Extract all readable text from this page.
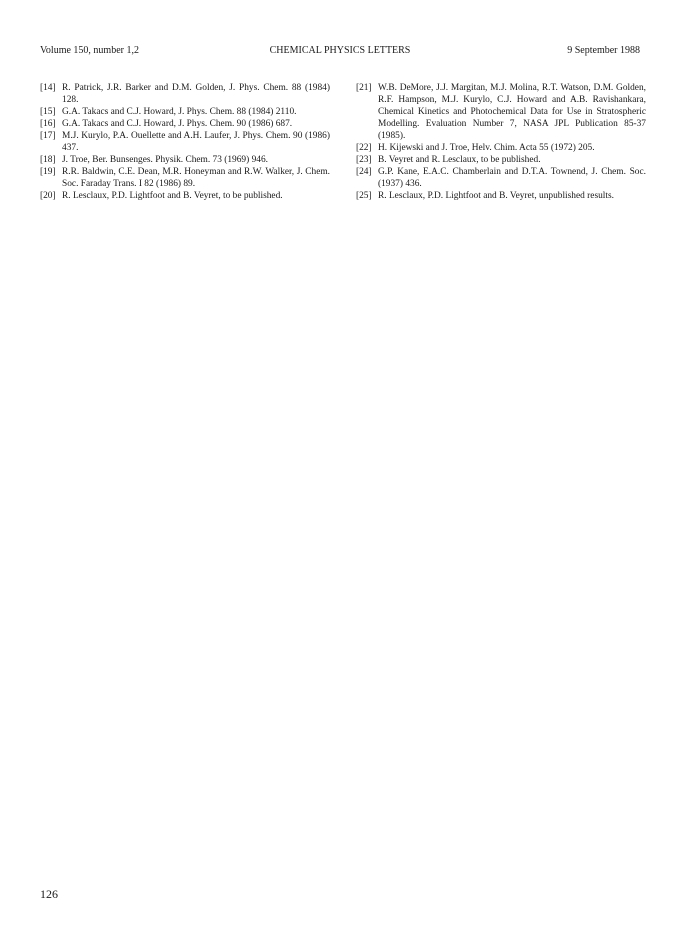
Volume 150, number 1,2	CHEMICAL PHYSICS LETTERS	9 September 1988

[14] R. Patrick, J.R. Barker and D.M. Golden, J. Phys. Chem. 88 (1984) 128.

[15] G.A. Takacs and C.J. Howard, J. Phys. Chem. 88 (1984) 2110.

[16] G.A. Takacs and C.J. Howard, J. Phys. Chem. 90 (1986) 687.

[17] M.J. Kurylo, P.A. Ouellette and A.H. Laufer, J. Phys. Chem. 90 (1986) 437.

[18] J. Troe, Ber. Bunsenges. Physik. Chem. 73 (1969) 946.

[19] R.R. Baldwin, C.E. Dean, M.R. Honeyman and R.W. Walker, J. Chem. Soc. Faraday Trans. I 82 (1986) 89.

[20] R. Lesclaux, P.D. Lightfoot and B. Veyret, to be published.

[21] W.B. DeMore, J.J. Margitan, M.J. Molina, R.T. Watson, D.M. Golden, R.F. Hampson, M.J. Kurylo, C.J. Howard and A.B. Ravishankara, Chemical Kinetics and Photochemical Data for Use in Stratospheric Modelling. Evaluation Number 7, NASA JPL Publication 85-37 (1985).

[22] H. Kijewski and J. Troe, Helv. Chim. Acta 55 (1972) 205.

[23] B. Veyret and R. Lesclaux, to be published.

[24] G.P. Kane, E.A.C. Chamberlain and D.T.A. Townend, J. Chem. Soc. (1937) 436.

[25] R. Lesclaux, P.D. Lightfoot and B. Veyret, unpublished results.

126
